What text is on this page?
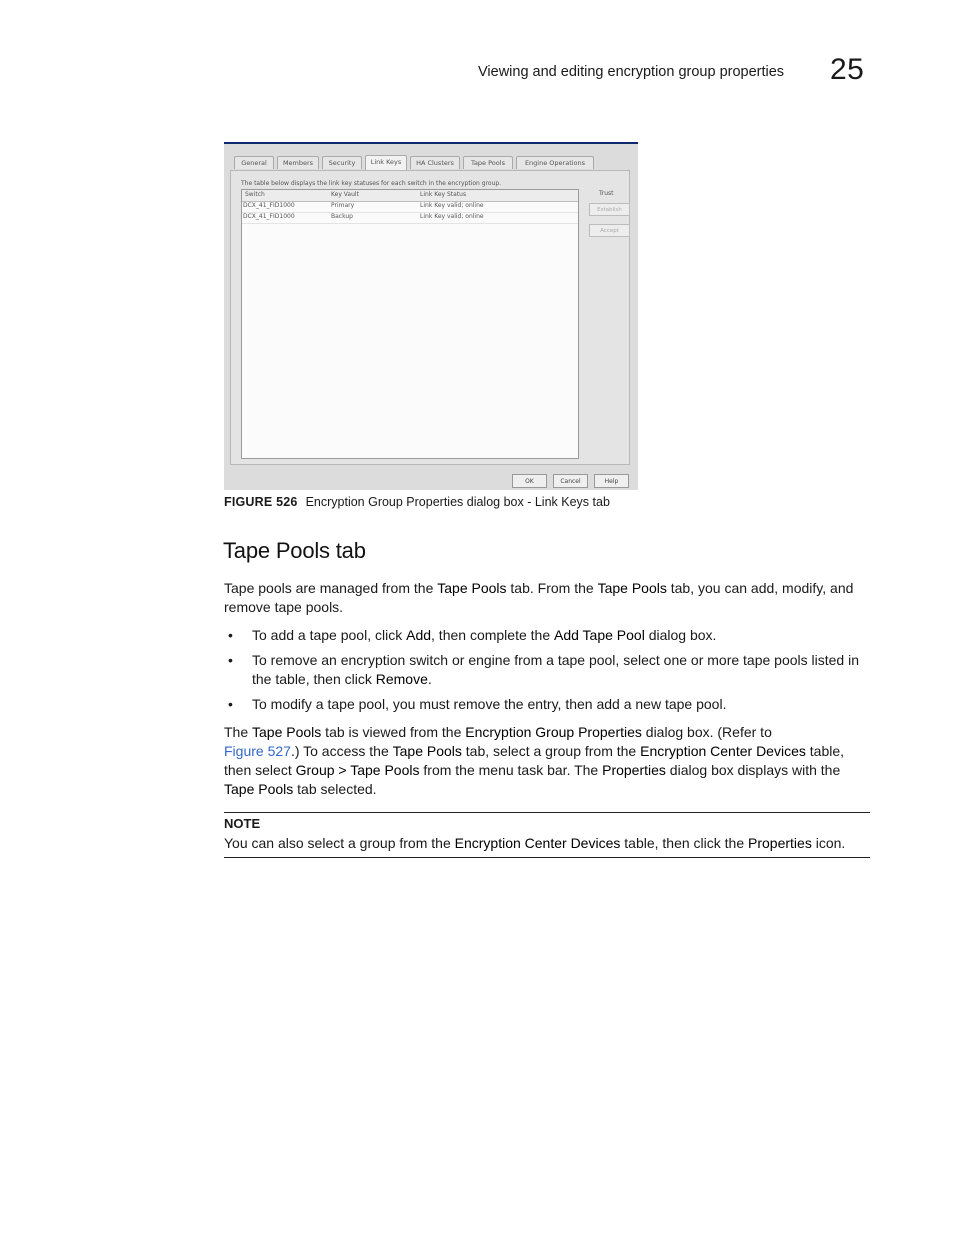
Viewing and editing encryption group properties 25
General	Members	Security	Link Keys	HA Clusters	Tape Pools	Engine Operations
The table below displays the link key statuses for each switch in the encryption group.
Switch	Key Vault	Link Key Status
DCX_41_FID1000	Primary	Link Key valid; online
DCX_41_FID1000	Backup	Link Key valid; online
Trust
Establish
Accept
OK	Cancel	Help
FIGURE 526 Encryption Group Properties dialog box - Link Keys tab
Tape Pools tab

Tape pools are managed from the Tape Pools tab. From the Tape Pools tab, you can add, modify, and remove tape pools.

• To add a tape pool, click Add, then complete the Add Tape Pool dialog box.
• To remove an encryption switch or engine from a tape pool, select one or more tape pools listed in the table, then click Remove.
• To modify a tape pool, you must remove the entry, then add a new tape pool.

The Tape Pools tab is viewed from the Encryption Group Properties dialog box. (Refer to
Figure 527.) To access the Tape Pools tab, select a group from the Encryption Center Devices table, then select Group > Tape Pools from the menu task bar. The Properties dialog box displays with the Tape Pools tab selected.

NOTE

You can also select a group from the Encryption Center Devices table, then click the Properties icon.
